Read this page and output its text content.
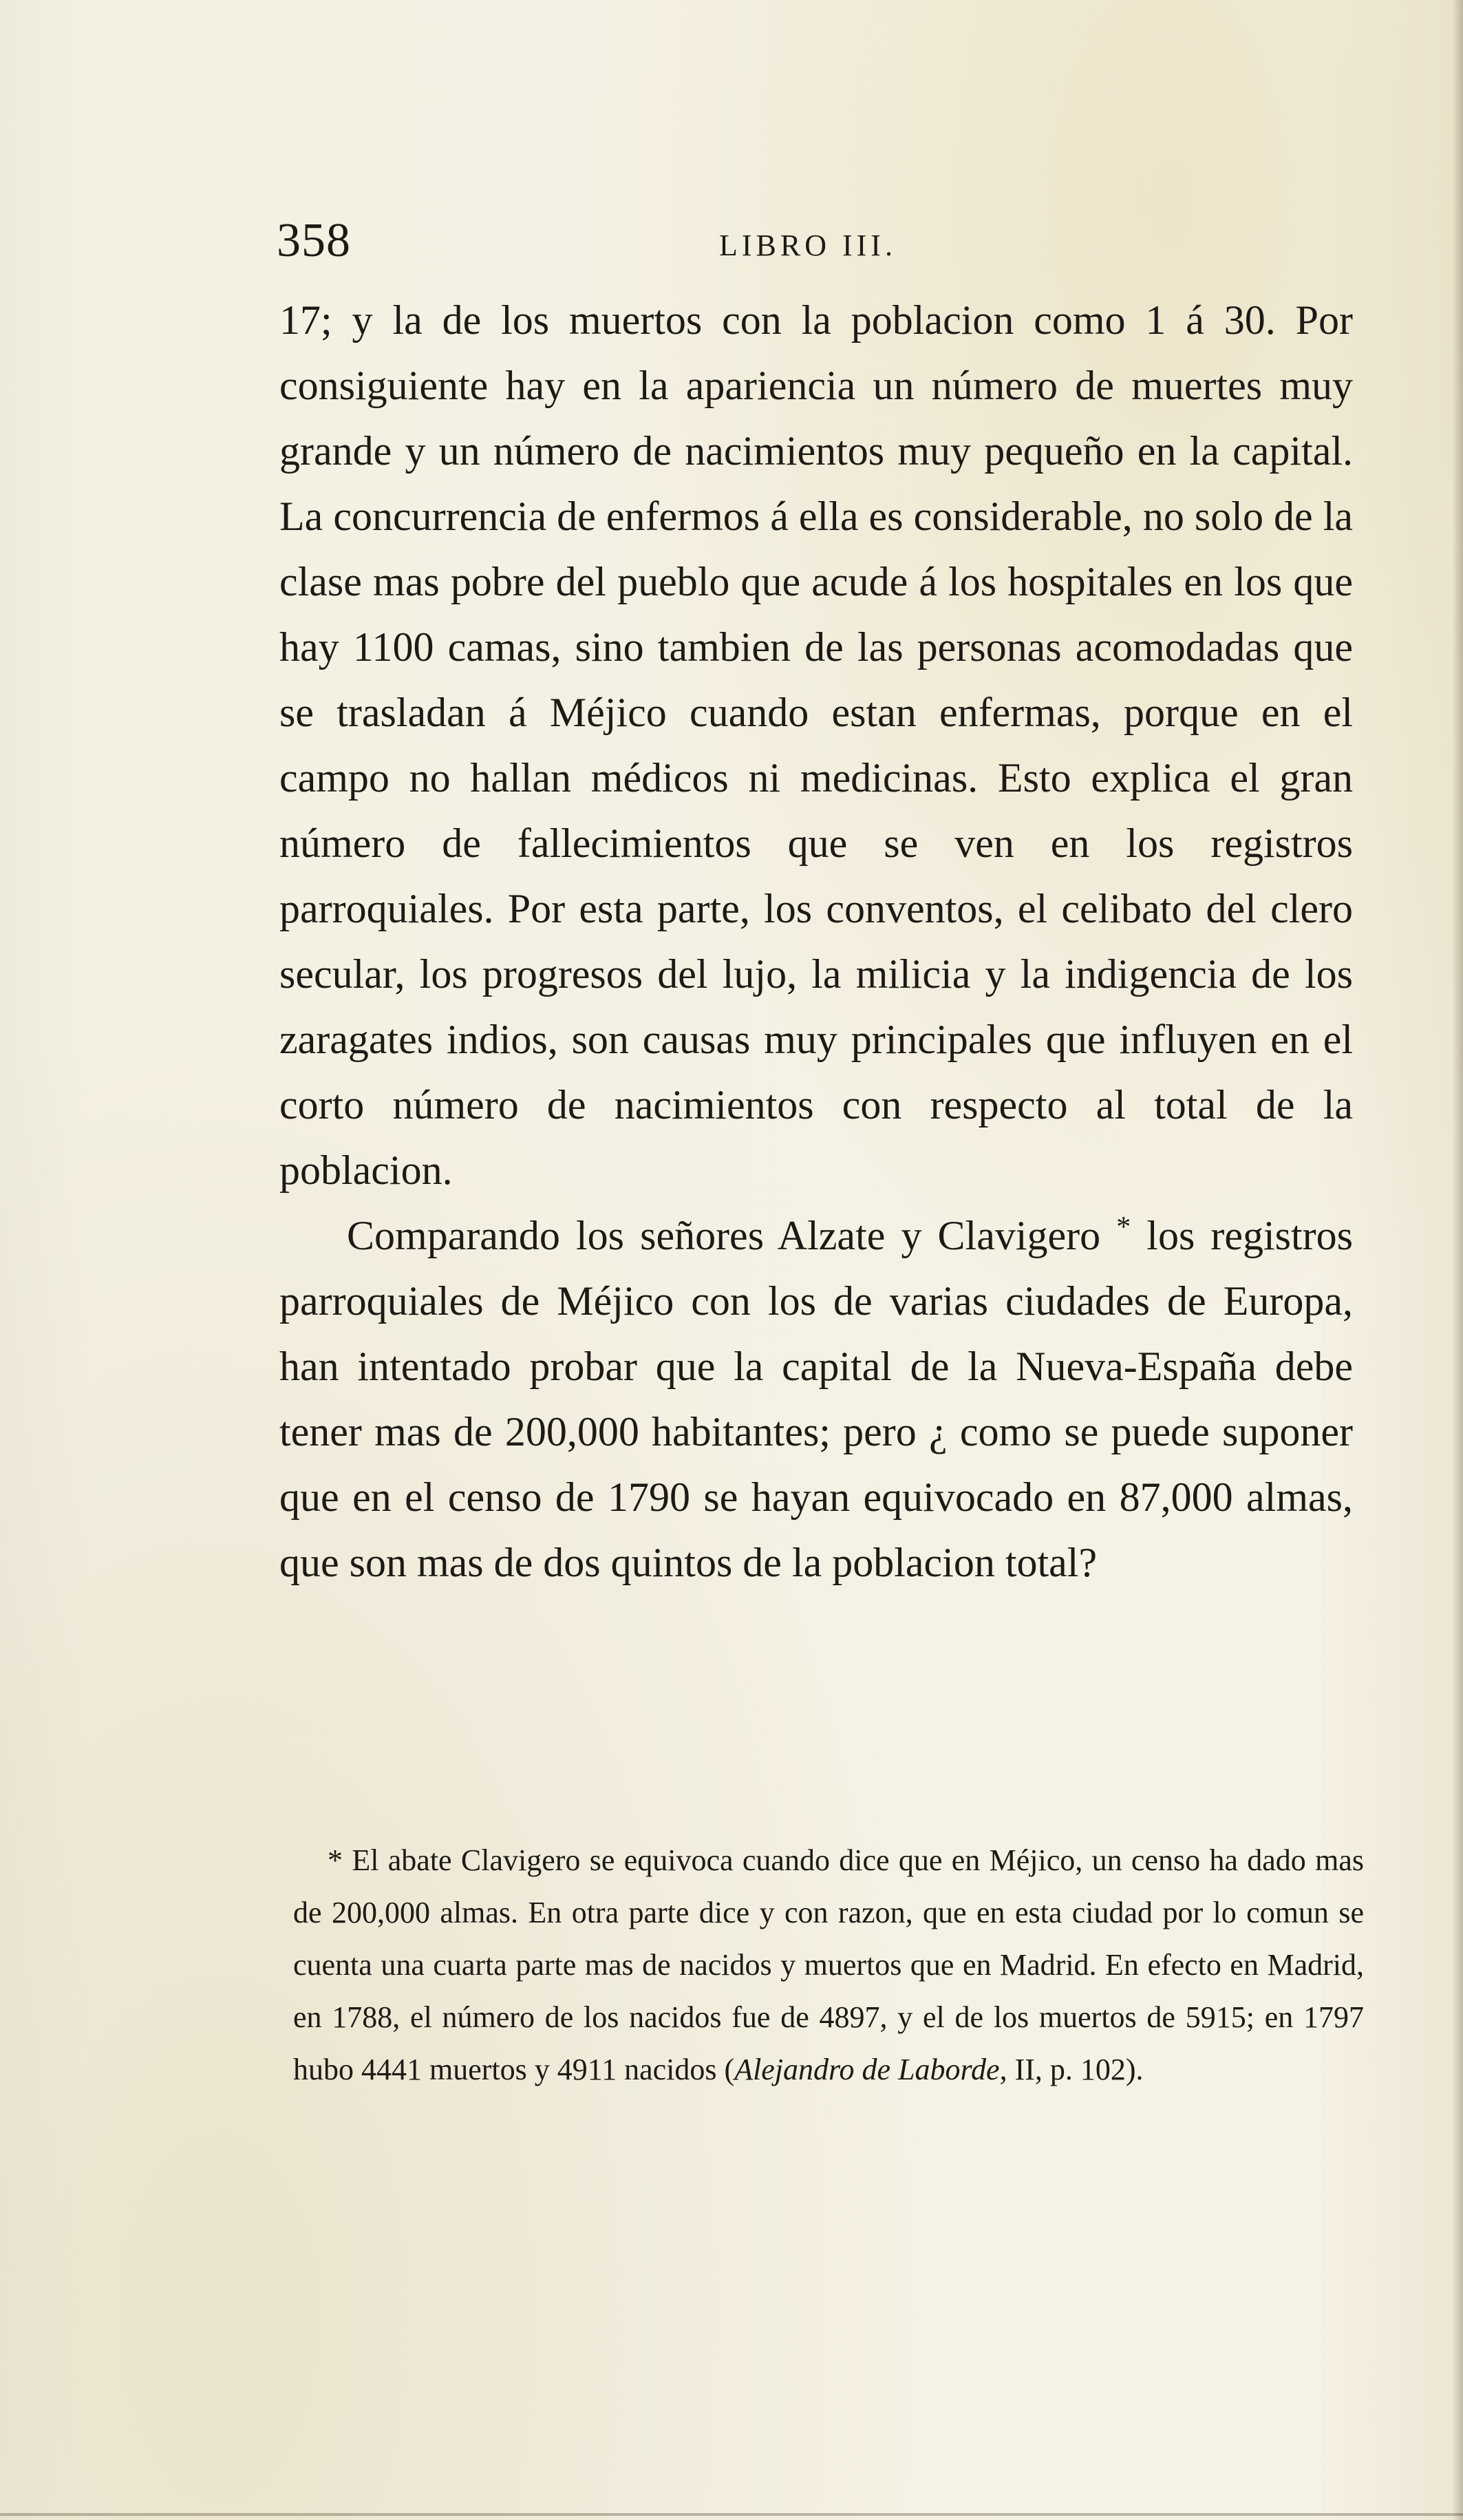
358	LIBRO III.

17; y la de los muertos con la poblacion como 1 á 30. Por consiguiente hay en la apariencia un número de muertes muy grande y un número de nacimientos muy pequeño en la capital. La concurrencia de enfermos á ella es considerable, no solo de la clase mas pobre del pueblo que acude á los hospitales en los que hay 1100 camas, sino tambien de las personas acomodadas que se trasladan á Méjico cuando estan enfermas, porque en el campo no hallan médicos ni medicinas. Esto explica el gran número de fallecimientos que se ven en los registros parroquiales. Por esta parte, los conventos, el celibato del clero secular, los progresos del lujo, la milicia y la indigencia de los zaragates indios, son causas muy principales que influyen en el corto número de nacimientos con respecto al total de la poblacion.

Comparando los señores Alzate y Clavigero * los registros parroquiales de Méjico con los de varias ciudades de Europa, han intentado probar que la capital de la Nueva-España debe tener mas de 200,000 habitantes; pero ¿ como se puede suponer que en el censo de 1790 se hayan equivocado en 87,000 almas, que son mas de dos quintos de la poblacion total?

* El abate Clavigero se equivoca cuando dice que en Méjico, un censo ha dado mas de 200,000 almas. En otra parte dice y con razon, que en esta ciudad por lo comun se cuenta una cuarta parte mas de nacidos y muertos que en Madrid. En efecto en Madrid, en 1788, el número de los nacidos fue de 4897, y el de los muertos de 5915; en 1797 hubo 4441 muertos y 4911 nacidos (Alejandro de Laborde, II, p. 102).
